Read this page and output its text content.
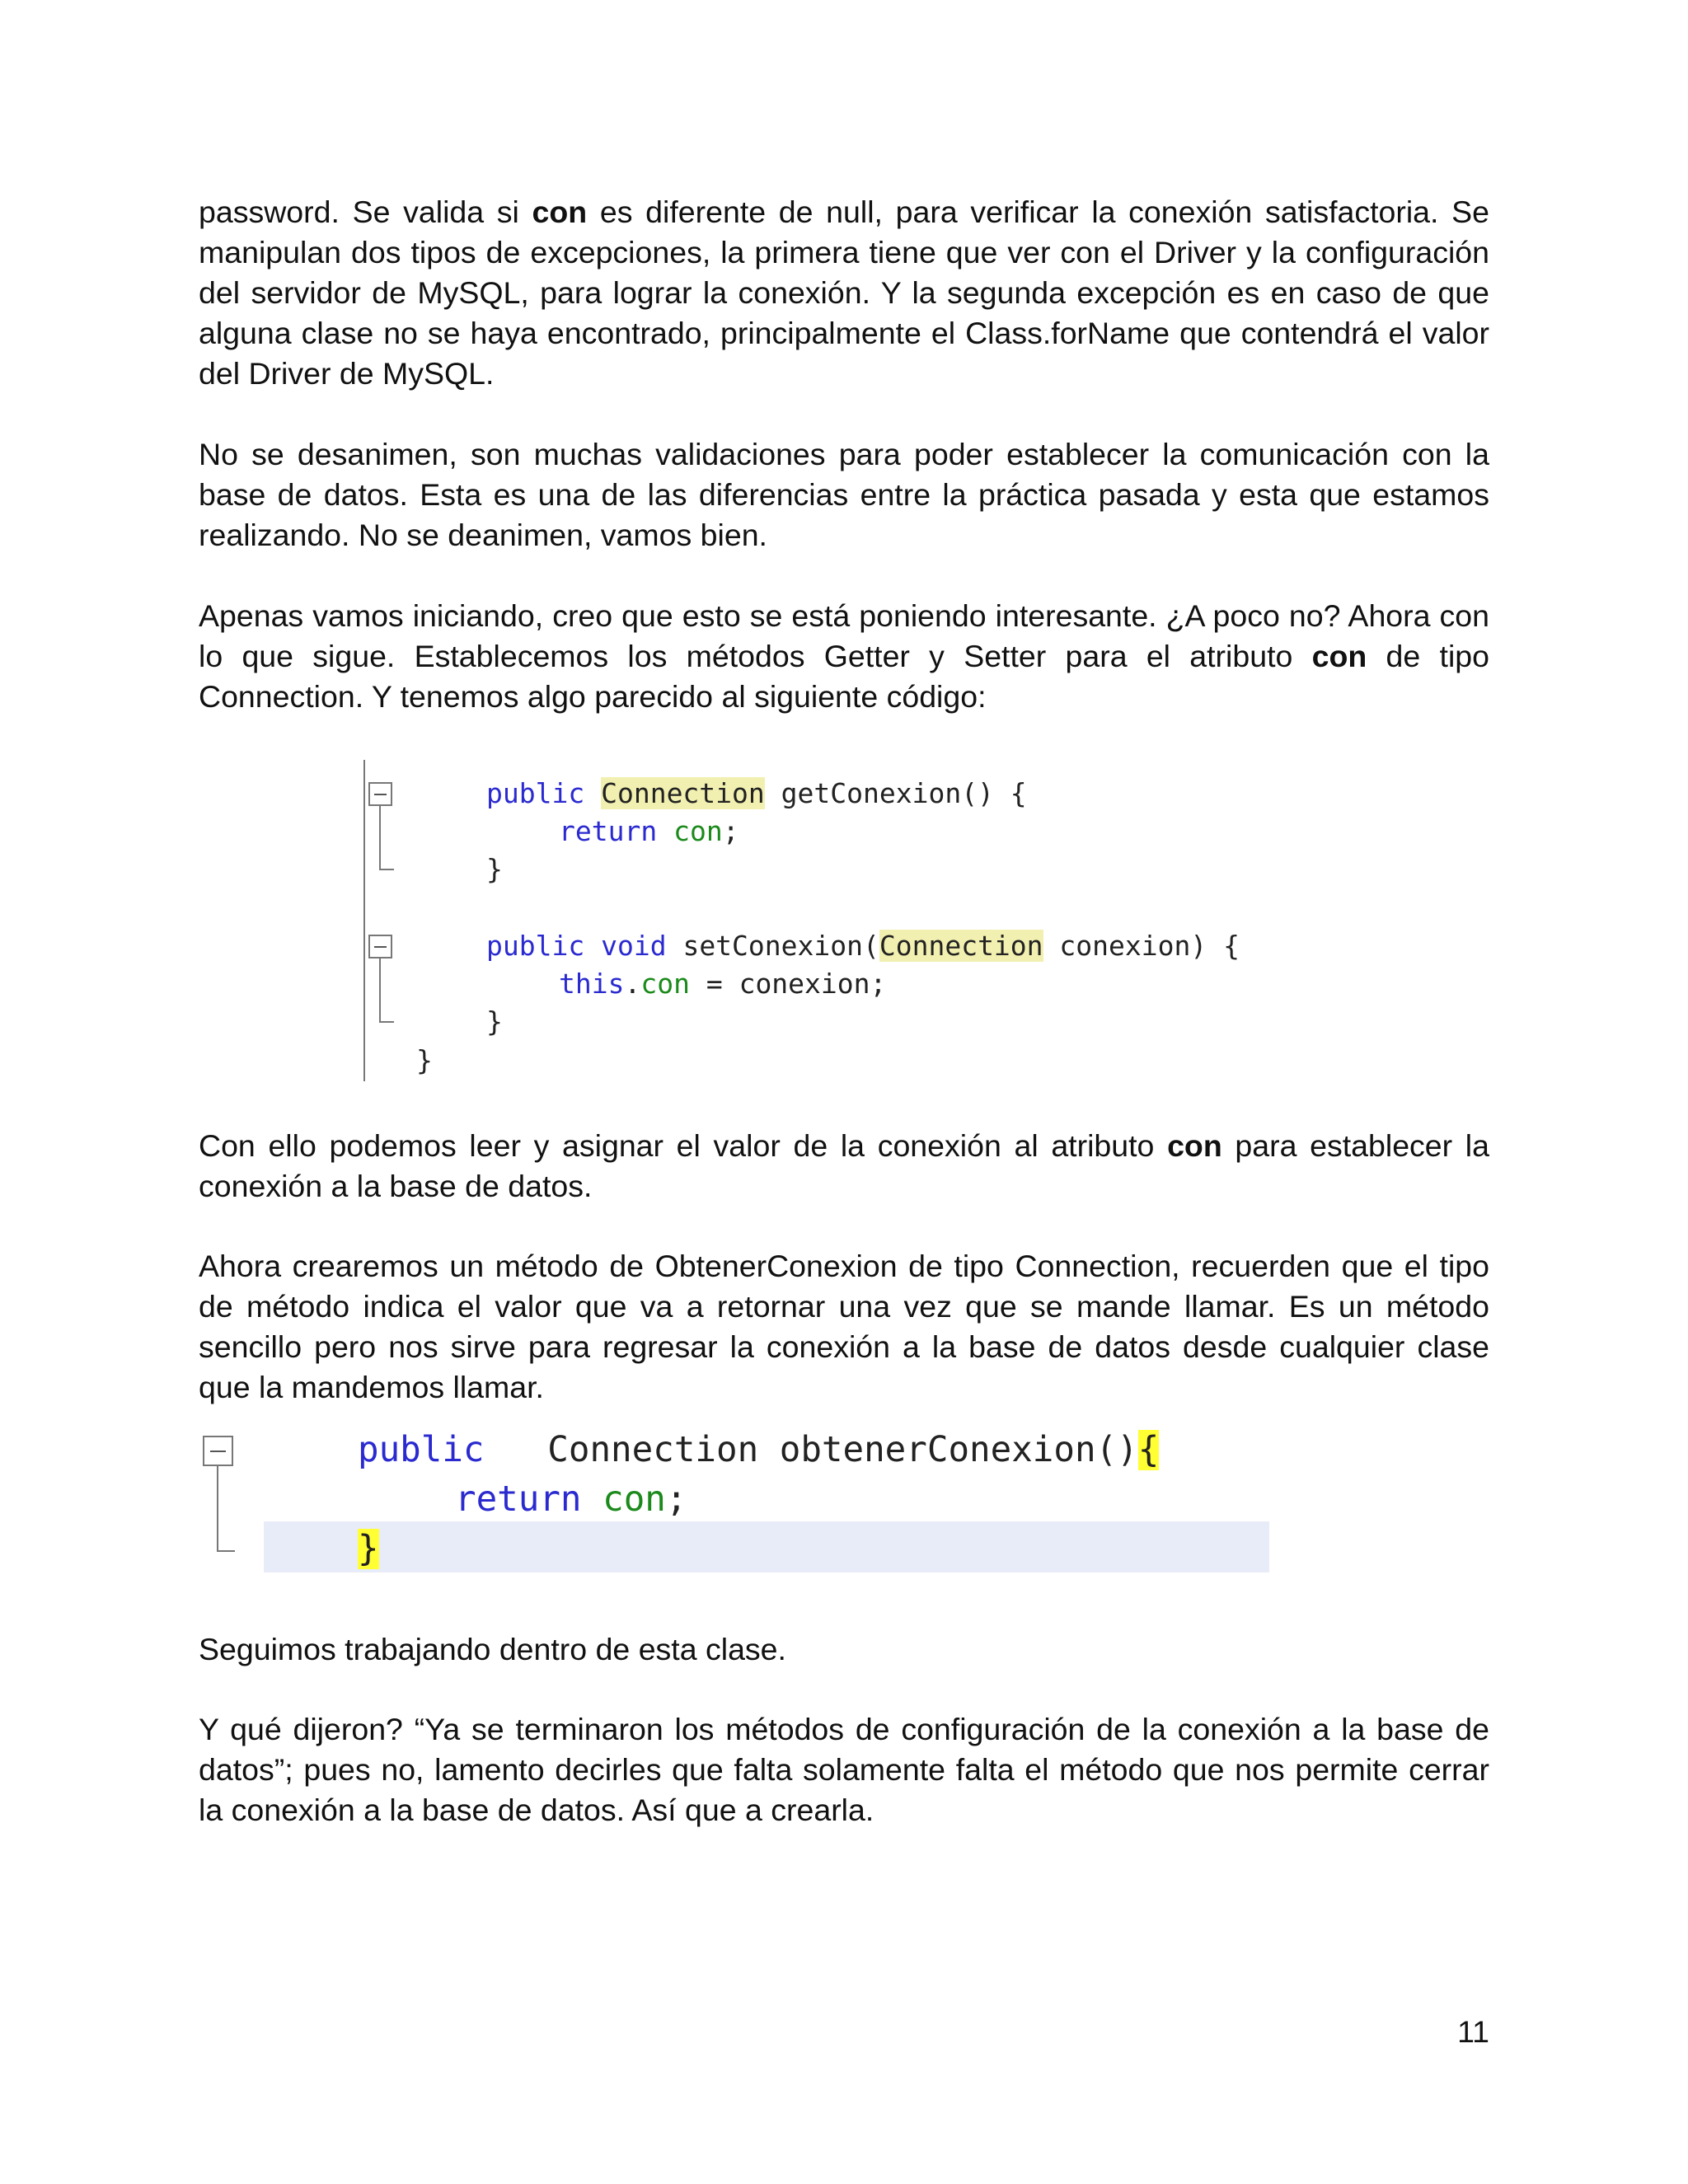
password. Se valida si con es diferente de null, para verificar la conexión satisfactoria. Se manipulan dos tipos de excepciones, la primera tiene que ver con el Driver y la configuración del servidor de MySQL, para lograr la conexión. Y la segunda excepción es en caso de que alguna clase no se haya encontrado, principalmente el Class.forName que contendrá el valor del Driver de MySQL.

No se desanimen, son muchas validaciones para poder establecer la comunicación con la base de datos. Esta es una de las diferencias entre la práctica pasada y esta que estamos realizando. No se deanimen, vamos bien.

Apenas vamos iniciando, creo que esto se está poniendo interesante. ¿A poco no? Ahora con lo que sigue. Establecemos los métodos Getter y Setter para el atributo con de tipo Connection. Y tenemos algo parecido al siguiente código:

public Connection getConexion() {
return con;
}
public void setConexion(Connection conexion) {
this.con = conexion;
}
}

Con ello podemos leer y asignar el valor de la conexión al atributo con para establecer la conexión a la base de datos.

Ahora crearemos un método de ObtenerConexion de tipo Connection, recuerden que el tipo de método indica el valor que va a retornar una vez que se mande llamar. Es un método sencillo pero nos sirve para regresar la conexión a la base de datos desde cualquier clase que la mandemos llamar.

public   Connection obtenerConexion(){
return con;
}

Seguimos trabajando dentro de esta clase.

Y qué dijeron? “Ya se terminaron los métodos de configuración de la conexión a la base de datos”; pues no, lamento decirles que falta solamente falta el método que nos permite cerrar la conexión a la base de datos. Así que a crearla.

11
